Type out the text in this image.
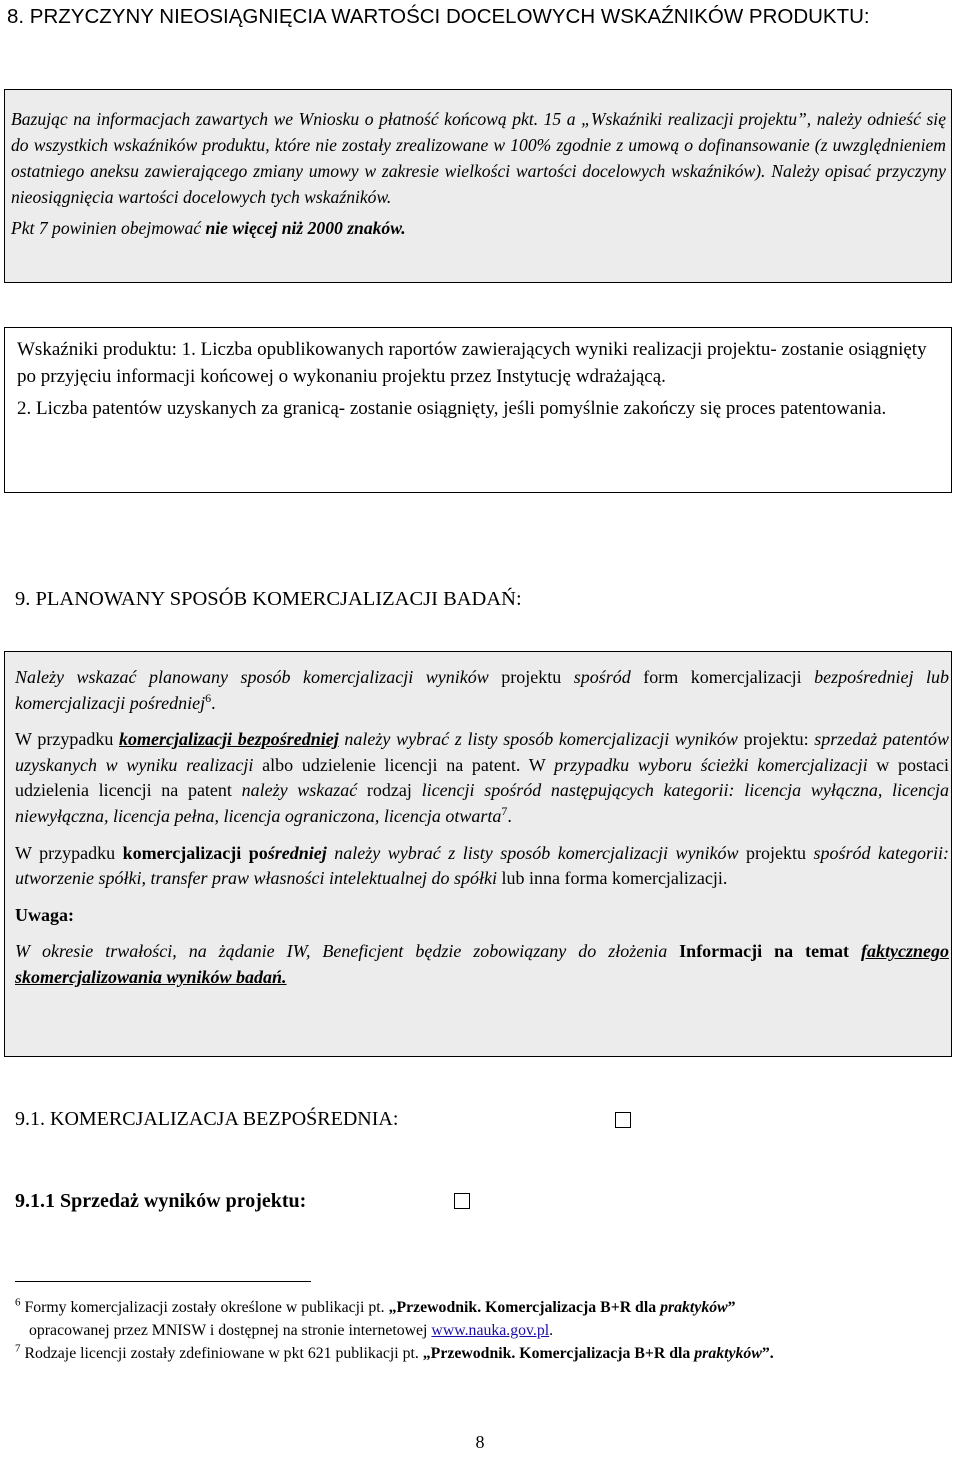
8. PRZYCZYNY NIEOSIĄGNIĘCIA WARTOŚCI DOCELOWYCH WSKAŹNIKÓW PRODUKTU:

Bazując na informacjach zawartych we Wniosku o płatność końcową pkt. 15 a „Wskaźniki realizacji projektu”, należy odnieść się do wszystkich wskaźników produktu, które nie zostały zrealizowane w 100% zgodnie z umową o dofinansowanie (z uwzględnieniem ostatniego aneksu zawierającego zmiany umowy w zakresie wielkości wartości docelowych wskaźników). Należy opisać przyczyny nieosiągnięcia wartości docelowych tych wskaźników.

Pkt 7 powinien obejmować nie więcej niż 2000 znaków.

Wskaźniki produktu: 1. Liczba opublikowanych raportów zawierających wyniki realizacji projektu- zostanie osiągnięty po przyjęciu informacji końcowej o wykonaniu projektu przez Instytucję wdrażającą.

2. Liczba patentów uzyskanych za granicą- zostanie osiągnięty, jeśli pomyślnie zakończy się proces patentowania.

9. PLANOWANY SPOSÓB KOMERCJALIZACJI BADAŃ:

Należy wskazać planowany sposób komercjalizacji wyników projektu spośród form komercjalizacji bezpośredniej lub komercjalizacji pośredniej$^6$.

W przypadku komercjalizacji bezpośredniej należy wybrać z listy sposób komercjalizacji wyników projektu: sprzedaż patentów uzyskanych w wyniku realizacji albo udzielenie licencji na patent. W przypadku wyboru ścieżki komercjalizacji w postaci udzielenia licencji na patent należy wskazać rodzaj licencji spośród następujących kategorii: licencja wyłączna, licencja niewyłączna, licencja pełna, licencja ograniczona, licencja otwarta$^7$.

W przypadku komercjalizacji pośredniej należy wybrać z listy sposób komercjalizacji wyników projektu spośród kategorii: utworzenie spółki, transfer praw własności intelektualnej do spółki lub inna forma komercjalizacji.

Uwaga:

W okresie trwałości, na żądanie IW, Beneficjent będzie zobowiązany do złożenia Informacji na temat faktycznego skomercjalizowania wyników badań.

9.1. KOMERCJALIZACJA BEZPOŚREDNIA:
9.1.1 Sprzedaż wyników projektu:
$^6$ Formy komercjalizacji zostały określone w publikacji pt. „Przewodnik. Komercjalizacja B+R dla praktyków”
opracowanej przez MNISW i dostępnej na stronie internetowej www.nauka.gov.pl.
$^7$ Rodzaje licencji zostały zdefiniowane w pkt 621 publikacji pt. „Przewodnik. Komercjalizacja B+R dla praktyków”.
8
